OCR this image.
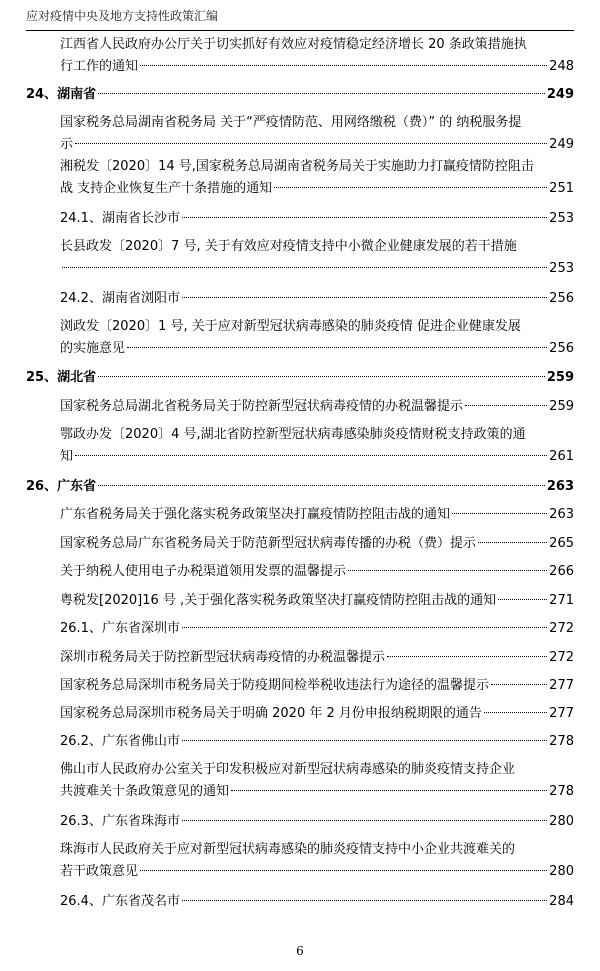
应对疫情中央及地方支持性政策汇编
江西省人民政府办公厅关于切实抓好有效应对疫情稳定经济增长 20 条政策措施执
行工作的通知	248
24、湖南省	249
国家税务总局湖南省税务局 关于“严疫情防范、用网络缴税（费）” 的 纳税服务提
示	249
湘税发〔2020〕14 号,国家税务总局湖南省税务局关于实施助力打赢疫情防控阻击
战 支持企业恢复生产十条措施的通知	251
24.1、湖南省长沙市	253
长县政发〔2020〕7 号, 关于有效应对疫情支持中小微企业健康发展的若干措施
253
24.2、湖南省浏阳市	256
浏政发〔2020〕1 号, 关于应对新型冠状病毒感染的肺炎疫情 促进企业健康发展
的实施意见	256
25、湖北省	259
国家税务总局湖北省税务局关于防控新型冠状病毒疫情的办税温馨提示	259
鄂政办发〔2020〕4 号,湖北省防控新型冠状病毒感染肺炎疫情财税支持政策的通
知	261
26、广东省	263
广东省税务局关于强化落实税务政策坚决打赢疫情防控阻击战的通知	263
国家税务总局广东省税务局关于防范新型冠状病毒传播的办税（费）提示	265
关于纳税人使用电子办税渠道领用发票的温馨提示	266
粤税发[2020]16 号 ,关于强化落实税务政策坚决打赢疫情防控阻击战的通知	271
26.1、广东省深圳市	272
深圳市税务局关于防控新型冠状病毒疫情的办税温馨提示	272
国家税务总局深圳市税务局关于防疫期间检举税收违法行为途径的温馨提示	277
国家税务总局深圳市税务局关于明确 2020 年 2 月份申报纳税期限的通告	277
26.2、广东省佛山市	278
佛山市人民政府办公室关于印发积极应对新型冠状病毒感染的肺炎疫情支持企业
共渡难关十条政策意见的通知	278
26.3、广东省珠海市	280
珠海市人民政府关于应对新型冠状病毒感染的肺炎疫情支持中小企业共渡难关的
若干政策意见	280
26.4、广东省茂名市	284
6
